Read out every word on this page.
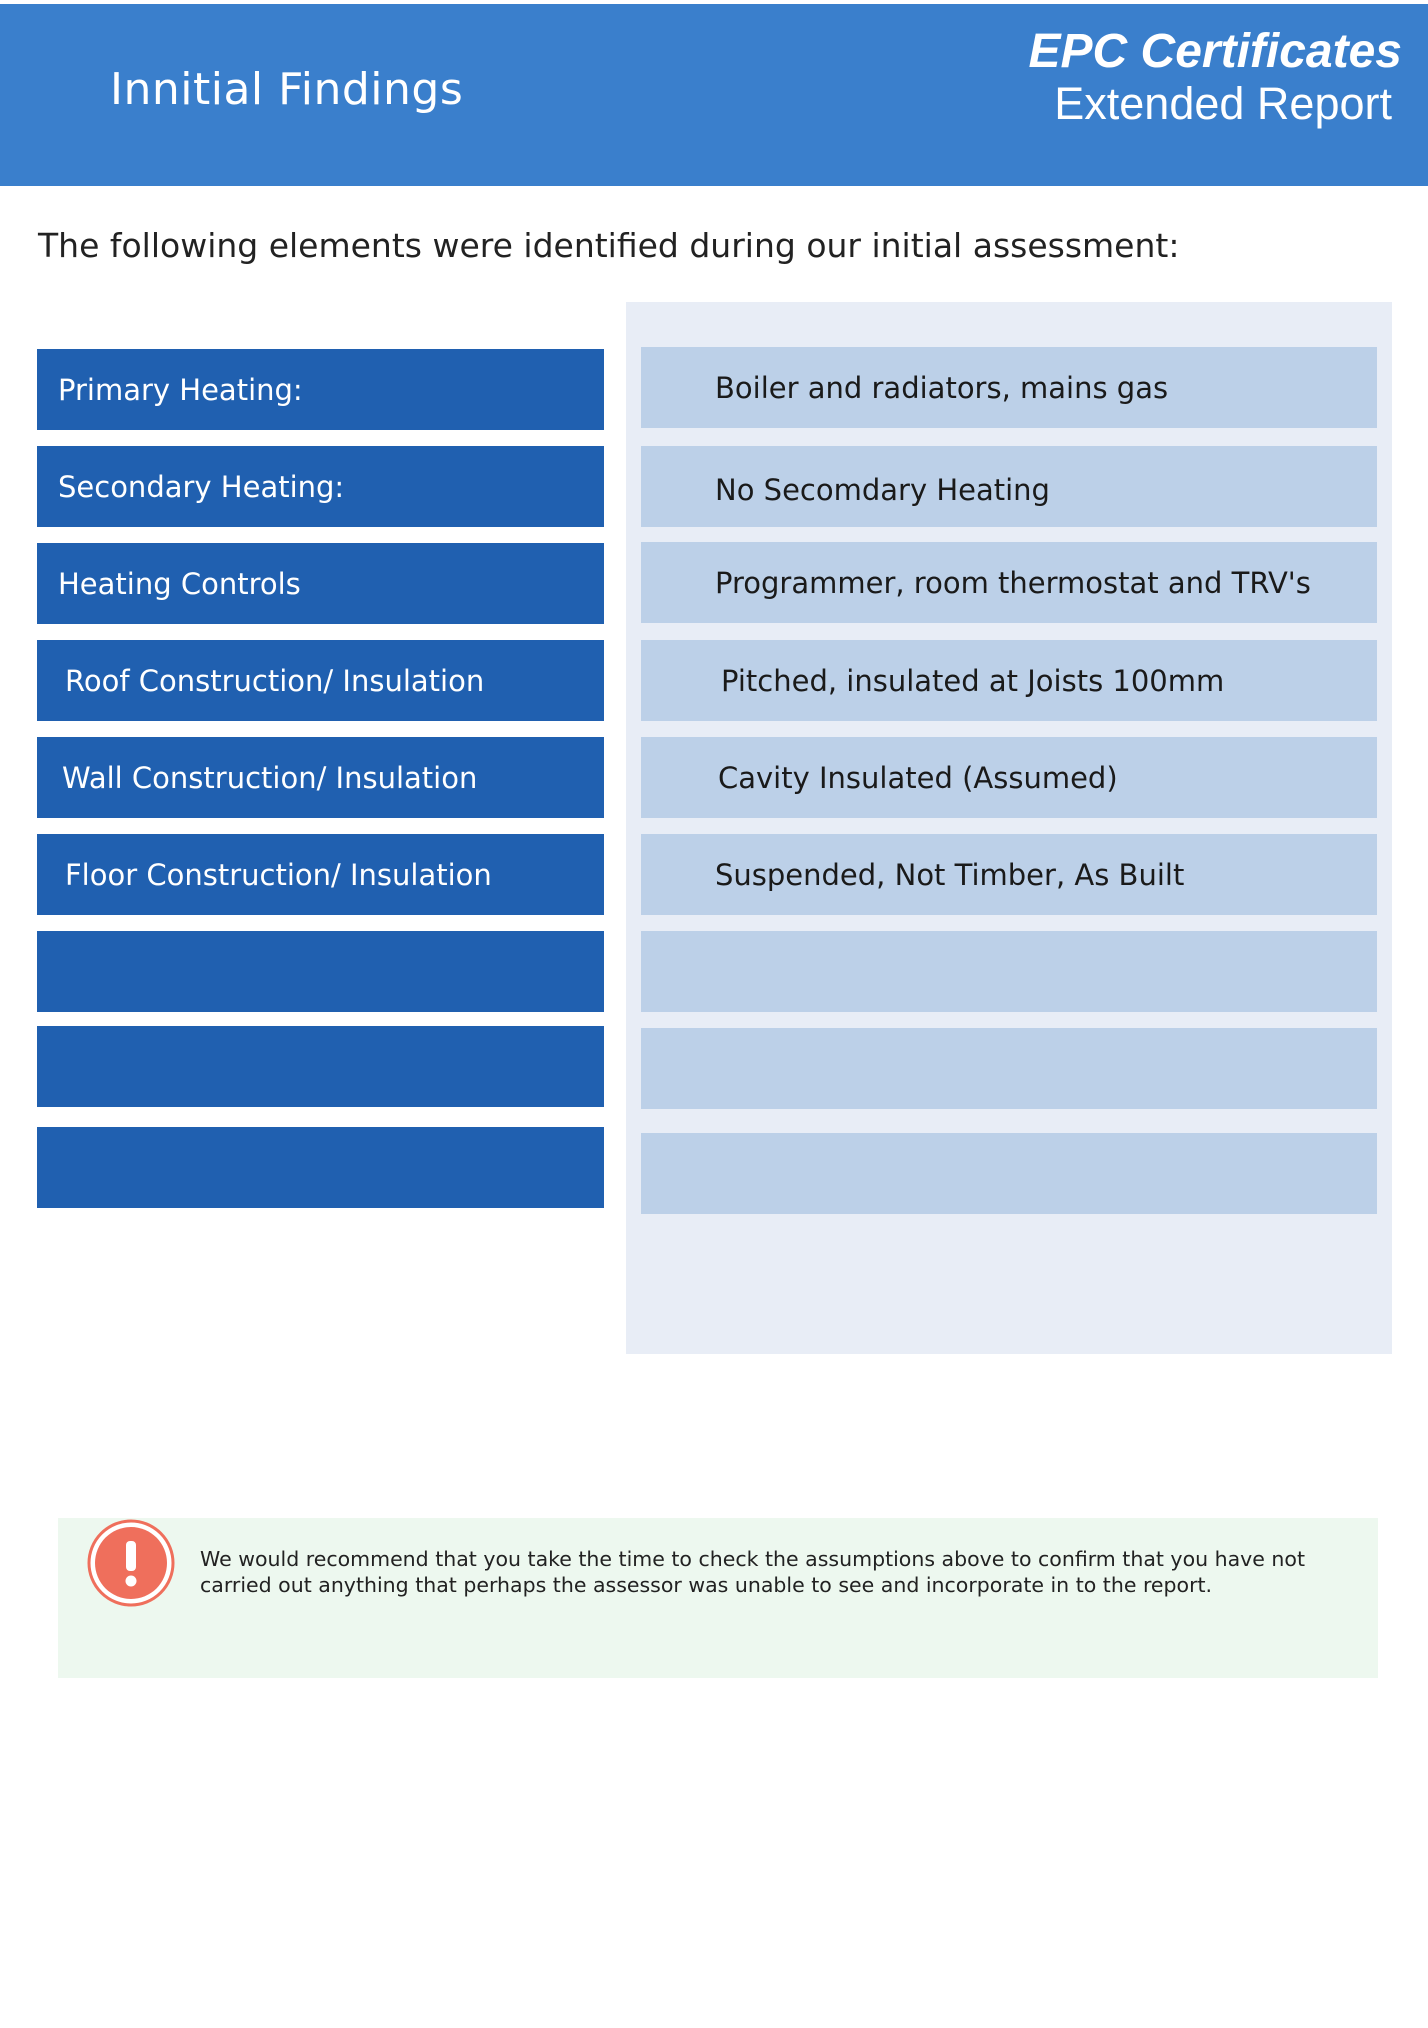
Innitial Findings
EPC Certificates
Extended Report
The following elements were identified during our initial assessment:
Primary Heating:	Boiler and radiators, mains gas
Secondary Heating:	No Secomdary Heating
Heating Controls	Programmer, room thermostat and TRV's
Roof Construction/ Insulation	Pitched, insulated at Joists 100mm
Wall Construction/ Insulation	Cavity Insulated (Assumed)
Floor Construction/ Insulation	Suspended, Not Timber, As Built
We would recommend that you take the time to check the assumptions above to confirm that you have not carried out anything that perhaps the assessor was unable to see and incorporate in to the report.
